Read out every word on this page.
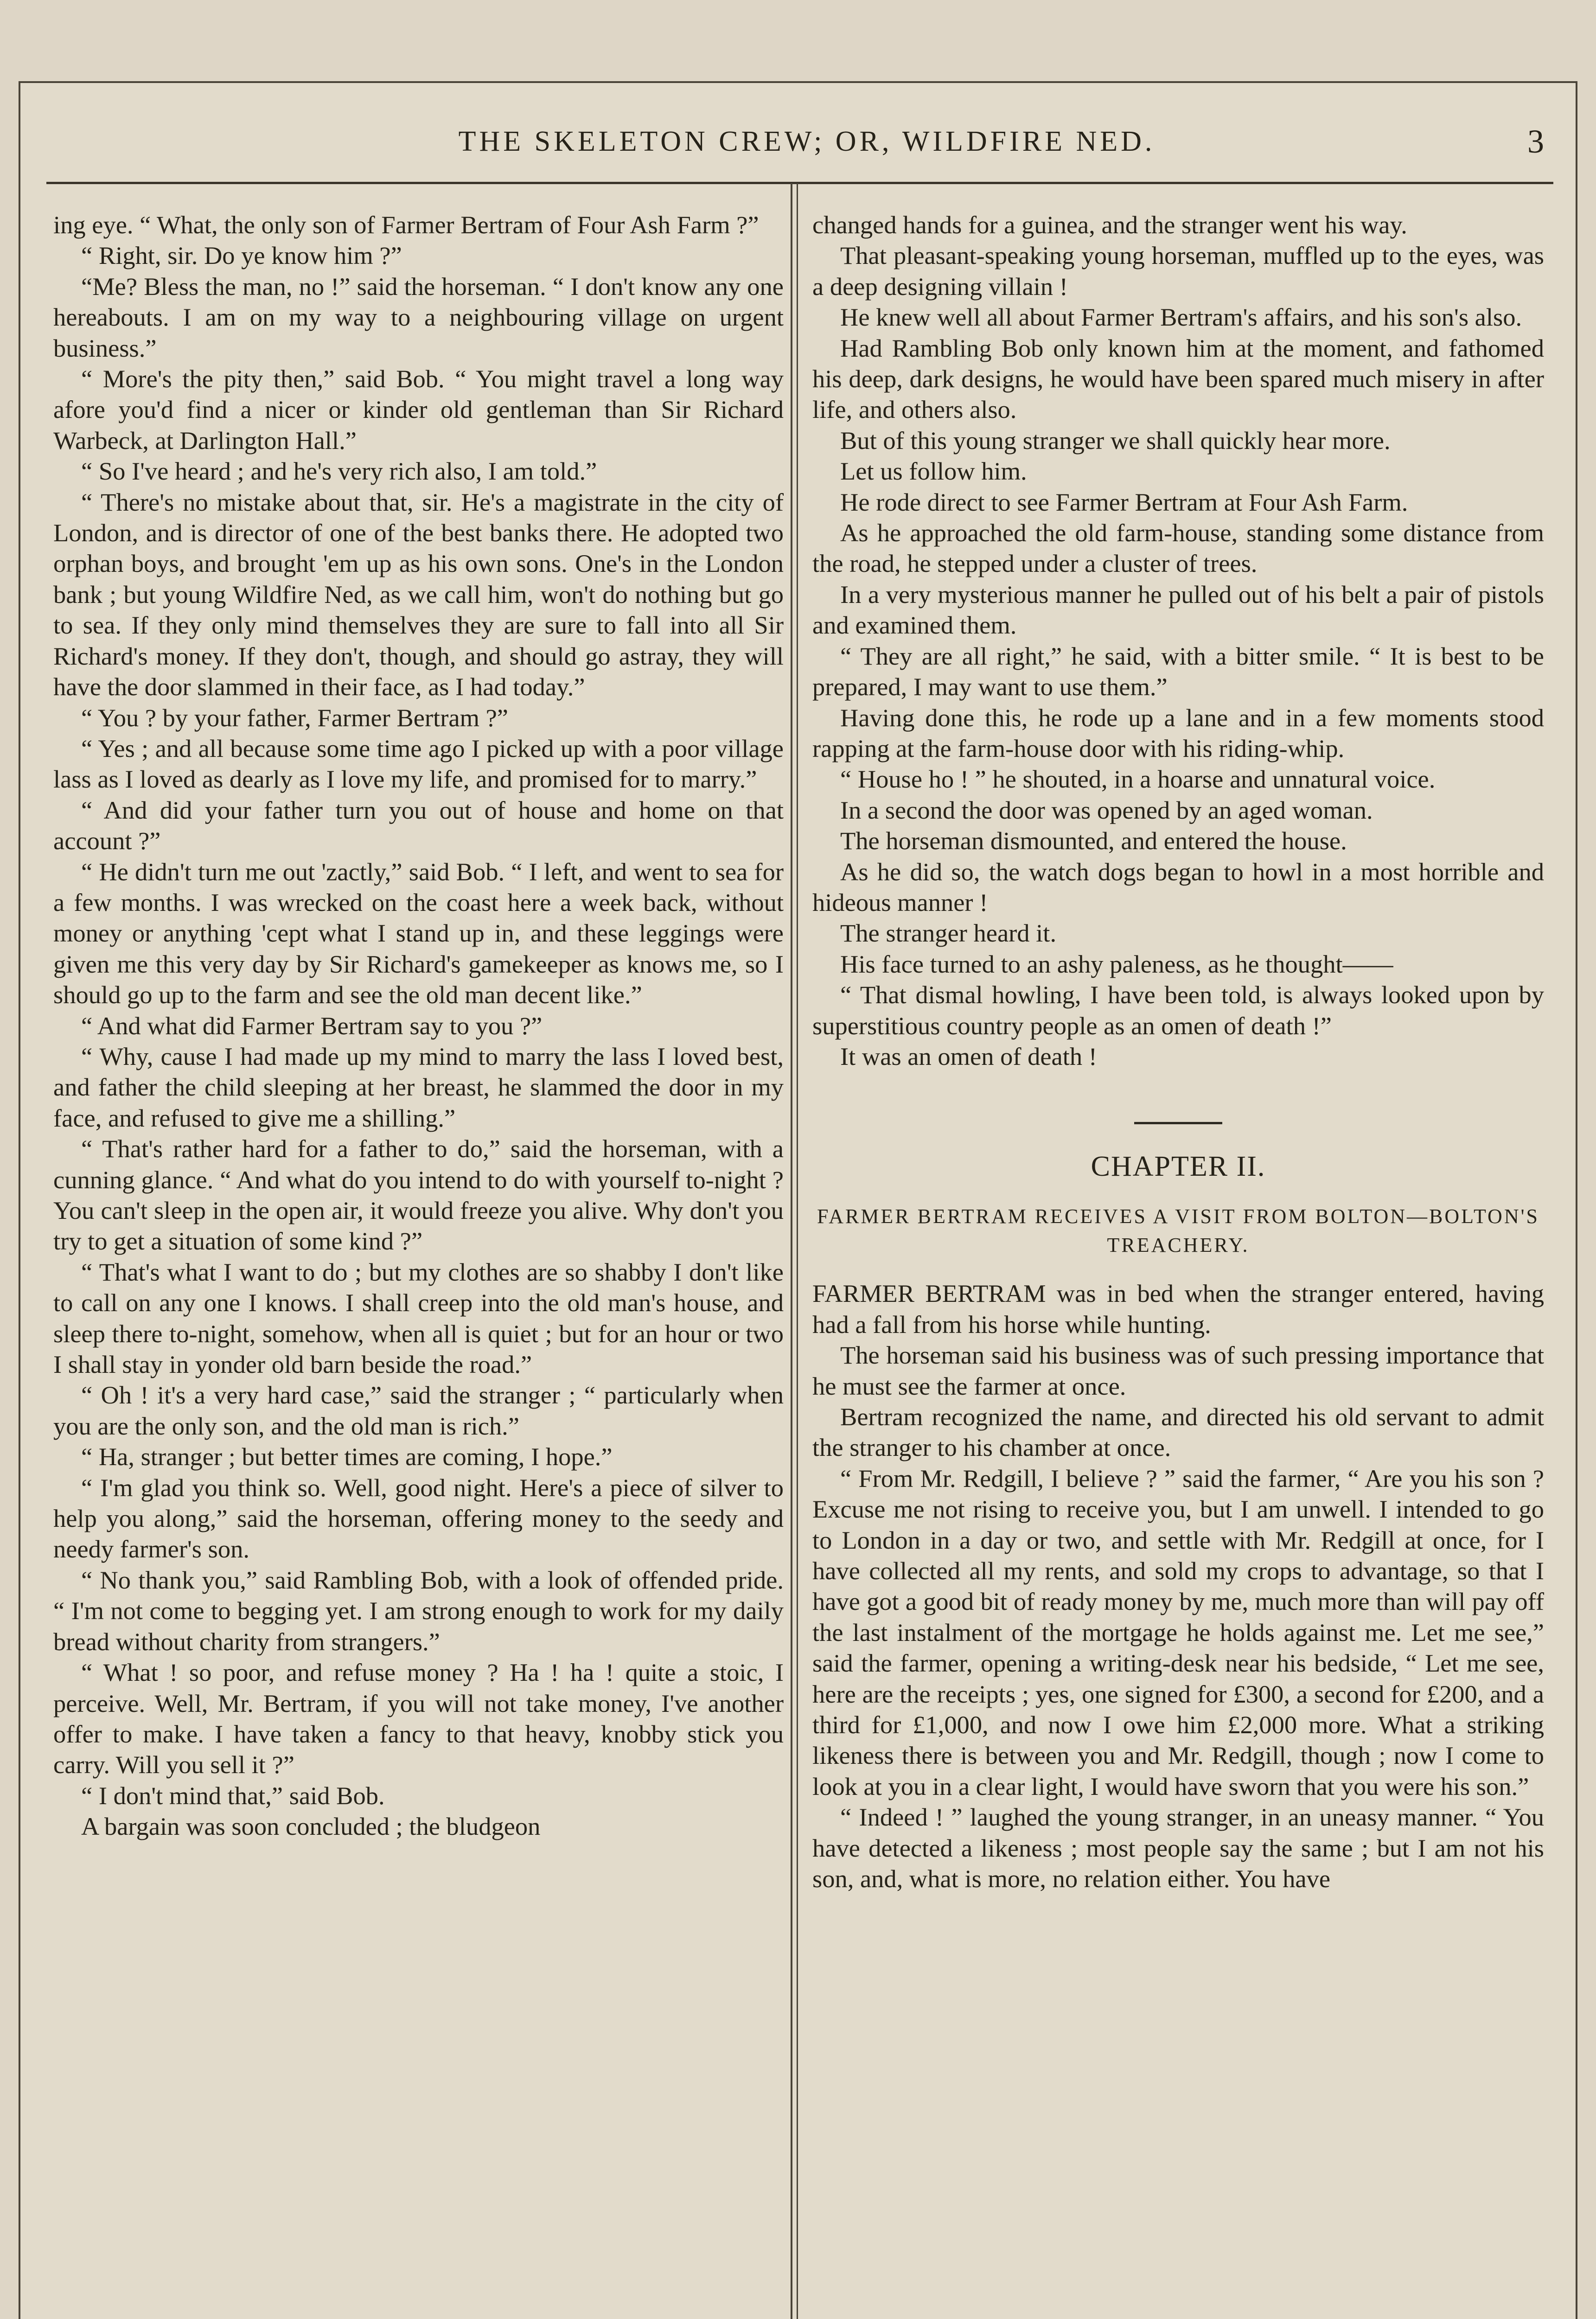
THE SKELETON CREW; OR, WILDFIRE NED.	3

ing eye. “ What, the only son of Farmer Bertram of Four Ash Farm ?”

“ Right, sir. Do ye know him ?”

“Me? Bless the man, no !” said the horseman. “ I don't know any one hereabouts. I am on my way to a neighbouring village on urgent business.”

“ More's the pity then,” said Bob. “ You might travel a long way afore you'd find a nicer or kinder old gentleman than Sir Richard Warbeck, at Darlington Hall.”

“ So I've heard ; and he's very rich also, I am told.”

“ There's no mistake about that, sir. He's a magistrate in the city of London, and is director of one of the best banks there. He adopted two orphan boys, and brought 'em up as his own sons. One's in the London bank ; but young Wildfire Ned, as we call him, won't do nothing but go to sea. If they only mind themselves they are sure to fall into all Sir Richard's money. If they don't, though, and should go astray, they will have the door slammed in their face, as I had today.”

“ You ? by your father, Farmer Bertram ?”

“ Yes ; and all because some time ago I picked up with a poor village lass as I loved as dearly as I love my life, and promised for to marry.”

“ And did your father turn you out of house and home on that account ?”

“ He didn't turn me out 'zactly,” said Bob. “ I left, and went to sea for a few months. I was wrecked on the coast here a week back, without money or anything 'cept what I stand up in, and these leggings were given me this very day by Sir Richard's gamekeeper as knows me, so I should go up to the farm and see the old man decent like.”

“ And what did Farmer Bertram say to you ?”

“ Why, cause I had made up my mind to marry the lass I loved best, and father the child sleeping at her breast, he slammed the door in my face, and refused to give me a shilling.”

“ That's rather hard for a father to do,” said the horseman, with a cunning glance. “ And what do you intend to do with yourself to-night ? You can't sleep in the open air, it would freeze you alive. Why don't you try to get a situation of some kind ?”

“ That's what I want to do ; but my clothes are so shabby I don't like to call on any one I knows. I shall creep into the old man's house, and sleep there to-night, somehow, when all is quiet ; but for an hour or two I shall stay in yonder old barn beside the road.”

“ Oh ! it's a very hard case,” said the stranger ; “ particularly when you are the only son, and the old man is rich.”

“ Ha, stranger ; but better times are coming, I hope.”

“ I'm glad you think so. Well, good night. Here's a piece of silver to help you along,” said the horseman, offering money to the seedy and needy farmer's son.

“ No thank you,” said Rambling Bob, with a look of offended pride. “ I'm not come to begging yet. I am strong enough to work for my daily bread without charity from strangers.”

“ What ! so poor, and refuse money ? Ha ! ha ! quite a stoic, I perceive. Well, Mr. Bertram, if you will not take money, I've another offer to make. I have taken a fancy to that heavy, knobby stick you carry. Will you sell it ?”

“ I don't mind that,” said Bob.

A bargain was soon concluded ; the bludgeon

changed hands for a guinea, and the stranger went his way.

That pleasant-speaking young horseman, muffled up to the eyes, was a deep designing villain !

He knew well all about Farmer Bertram's affairs, and his son's also.

Had Rambling Bob only known him at the moment, and fathomed his deep, dark designs, he would have been spared much misery in after life, and others also.

But of this young stranger we shall quickly hear more.

Let us follow him.

He rode direct to see Farmer Bertram at Four Ash Farm.

As he approached the old farm-house, standing some distance from the road, he stepped under a cluster of trees.

In a very mysterious manner he pulled out of his belt a pair of pistols and examined them.

“ They are all right,” he said, with a bitter smile. “ It is best to be prepared, I may want to use them.”

Having done this, he rode up a lane and in a few moments stood rapping at the farm-house door with his riding-whip.

“ House ho ! ” he shouted, in a hoarse and unnatural voice.

In a second the door was opened by an aged woman.

The horseman dismounted, and entered the house.

As he did so, the watch dogs began to howl in a most horrible and hideous manner !

The stranger heard it.

His face turned to an ashy paleness, as he thought——

“ That dismal howling, I have been told, is always looked upon by superstitious country people as an omen of death !”

It was an omen of death !

CHAPTER II.
FARMER BERTRAM RECEIVES A VISIT FROM BOLTON—BOLTON'S TREACHERY.

FARMER BERTRAM was in bed when the stranger entered, having had a fall from his horse while hunting.

The horseman said his business was of such pressing importance that he must see the farmer at once.

Bertram recognized the name, and directed his old servant to admit the stranger to his chamber at once.

“ From Mr. Redgill, I believe ? ” said the farmer, “ Are you his son ? Excuse me not rising to receive you, but I am unwell. I intended to go to London in a day or two, and settle with Mr. Redgill at once, for I have collected all my rents, and sold my crops to advantage, so that I have got a good bit of ready money by me, much more than will pay off the last instalment of the mortgage he holds against me. Let me see,” said the farmer, opening a writing-desk near his bedside, “ Let me see, here are the receipts ; yes, one signed for £300, a second for £200, and a third for £1,000, and now I owe him £2,000 more. What a striking likeness there is between you and Mr. Redgill, though ; now I come to look at you in a clear light, I would have sworn that you were his son.”

“ Indeed ! ” laughed the young stranger, in an uneasy manner. “ You have detected a likeness ; most people say the same ; but I am not his son, and, what is more, no relation either. You have
